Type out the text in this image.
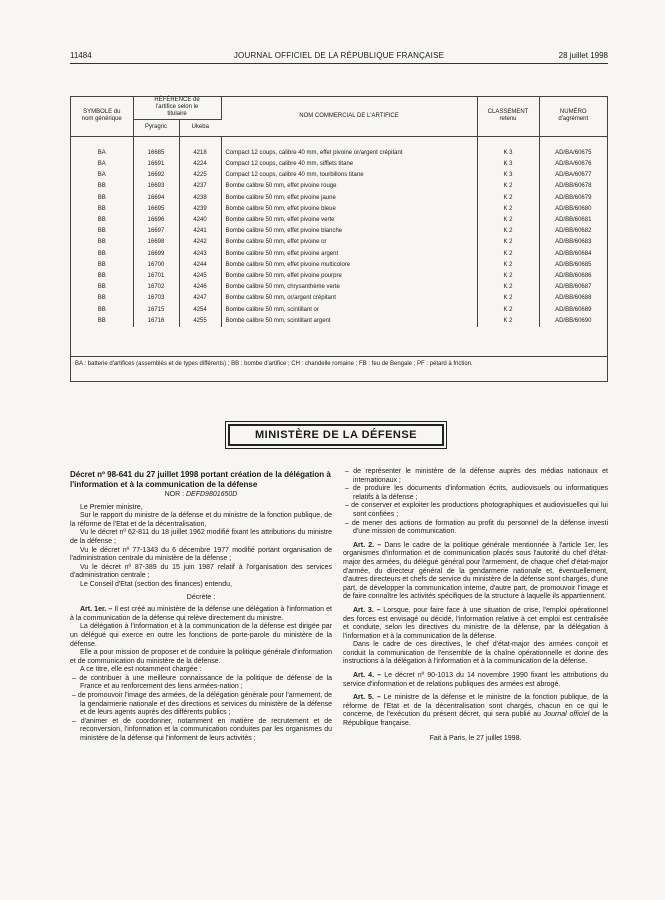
11484	JOURNAL OFFICIEL DE LA RÉPUBLIQUE FRANÇAISE	28 juillet 1998
SYMBOLE du nom générique	RÉFÉRENCE de l'artifice selon le titulaire		NOM COMMERCIAL DE L'ARTIFICE	CLASSEMENT retenu	NUMÉRO d'agrément
	Pyragric	Ukeba			

BA	16685	4218	Compact 12 coups, calibre 40 mm, effet pivoine or/argent crépitant	K 3	AD/BA/60675
BA	16691	4224	Compact 12 coups, calibre 40 mm, sifflets titane	K 3	AD/BA/60676
BA	16692	4225	Compact 12 coups, calibre 40 mm, tourbillons titane	K 3	AD/BA/60677
BB	16693	4237	Bombe calibre 50 mm, effet pivoine rouge	K 2	AD/BB/60678
BB	16694	4238	Bombe calibre 50 mm, effet pivoine jaune	K 2	AD/BB/60679
BB	16695	4239	Bombe calibre 50 mm, effet pivoine bleue	K 2	AD/BB/60680
BB	16696	4240	Bombe calibre 50 mm, effet pivoine verte	K 2	AD/BB/60681
BB	16697	4241	Bombe calibre 50 mm, effet pivoine blanche	K 2	AD/BB/60682
BB	16698	4242	Bombe calibre 50 mm, effet pivoine or	K 2	AD/BB/60683
BB	16699	4243	Bombe calibre 50 mm, effet pivoine argent	K 2	AD/BB/60684
BB	16700	4244	Bombe calibre 50 mm, effet pivoine multicolore	K 2	AD/BB/60685
BB	16701	4245	Bombe calibre 50 mm, effet pivoine pourpre	K 2	AD/BB/60686
BB	16702	4246	Bombe calibre 50 mm, chrysanthème verte	K 2	AD/BB/60687
BB	16703	4247	Bombe calibre 50 mm, or/argent crépitant	K 2	AD/BB/60688
BB	16715	4254	Bombe calibre 50 mm, scintillant or	K 2	AD/BB/60689
BB	16716	4255	Bombe calibre 50 mm, scintillant argent	K 2	AD/BB/60690
BA : batterie d'artifices (assemblés et de types différents) ; BB : bombe d'artifice ; CH : chandelle romaine ; FB : feu de Bengale ; PF : pétard à friction.
MINISTÈRE DE LA DÉFENSE

Décret nº 98-641 du 27 juillet 1998 portant création de la délégation à l'information et à la communication de la défense

NOR : DEFD9801650D

Le Premier ministre,

Sur le rapport du ministre de la défense et du ministre de la fonction publique, de la réforme de l'Etat et de la décentralisation,

Vu le décret nº 62-811 du 18 juillet 1962 modifié fixant les attributions du ministre de la défense ;

Vu le décret nº 77-1343 du 6 décembre 1977 modifié portant organisation de l'administration centrale du ministère de la défense ;

Vu le décret nº 87-389 du 15 juin 1987 relatif à l'organisation des services d'administration centrale ;

Le Conseil d'Etat (section des finances) entendu,

Décrète :

Art. 1er. – Il est créé au ministère de la défense une délégation à l'information et à la communication de la défense qui relève directement du ministre.

La délégation à l'information et à la communication de la défense est dirigée par un délégué qui exerce en outre les fonctions de porte-parole du ministère de la défense.

Elle a pour mission de proposer et de conduire la politique générale d'information et de communication du ministère de la défense.

A ce titre, elle est notamment chargée :

– de contribuer à une meilleure connaissance de la politique de défense de la France et au renforcement des liens armées-nation ;

– de promouvoir l'image des armées, de la délégation générale pour l'armement, de la gendarmerie nationale et des directions et services du ministère de la défense et de leurs agents auprès des différents publics ;

– d'animer et de coordonner, notamment en matière de recrutement et de reconversion, l'information et la communication conduites par les organismes du ministère de la défense qui l'informent de leurs activités ;

– de représenter le ministère de la défense auprès des médias nationaux et internationaux ;

– de produire les documents d'information écrits, audiovisuels ou informatiques relatifs à la défense ;

– de conserver et exploiter les productions photographiques et audiovisuelles qui lui sont confiées ;

– de mener des actions de formation au profit du personnel de la défense investi d'une mission de communication.

Art. 2. – Dans le cadre de la politique générale mentionnée à l'article 1er, les organismes d'information et de communication placés sous l'autorité du chef d'état-major des armées, du délégué général pour l'armement, de chaque chef d'état-major d'armée, du directeur général de la gendarmerie nationale et, éventuellement, d'autres directeurs et chefs de service du ministère de la défense sont chargés, d'une part, de développer la communication interne, d'autre part, de promouvoir l'image et de faire connaître les activités spécifiques de la structure à laquelle ils appartiennent.

Art. 3. – Lorsque, pour faire face à une situation de crise, l'emploi opérationnel des forces est envisagé ou décidé, l'information relative à cet emploi est centralisée et conduite, selon les directives du ministre de la défense, par la délégation à l'information et à la communication de la défense.

Dans le cadre de ces directives, le chef d'état-major des armées conçoit et conduit la communication de l'ensemble de la chaîne opérationnelle et donne des instructions à la délégation à l'information et à la communication de la défense.

Art. 4. – Le décret nº 90-1013 du 14 novembre 1990 fixant les attributions du service d'information et de relations publiques des armées est abrogé.

Art. 5. – Le ministre de la défense et le ministre de la fonction publique, de la réforme de l'Etat et de la décentralisation sont chargés, chacun en ce qui le concerne, de l'exécution du présent décret, qui sera publié au Journal officiel de la République française.

Fait à Paris, le 27 juillet 1998.
